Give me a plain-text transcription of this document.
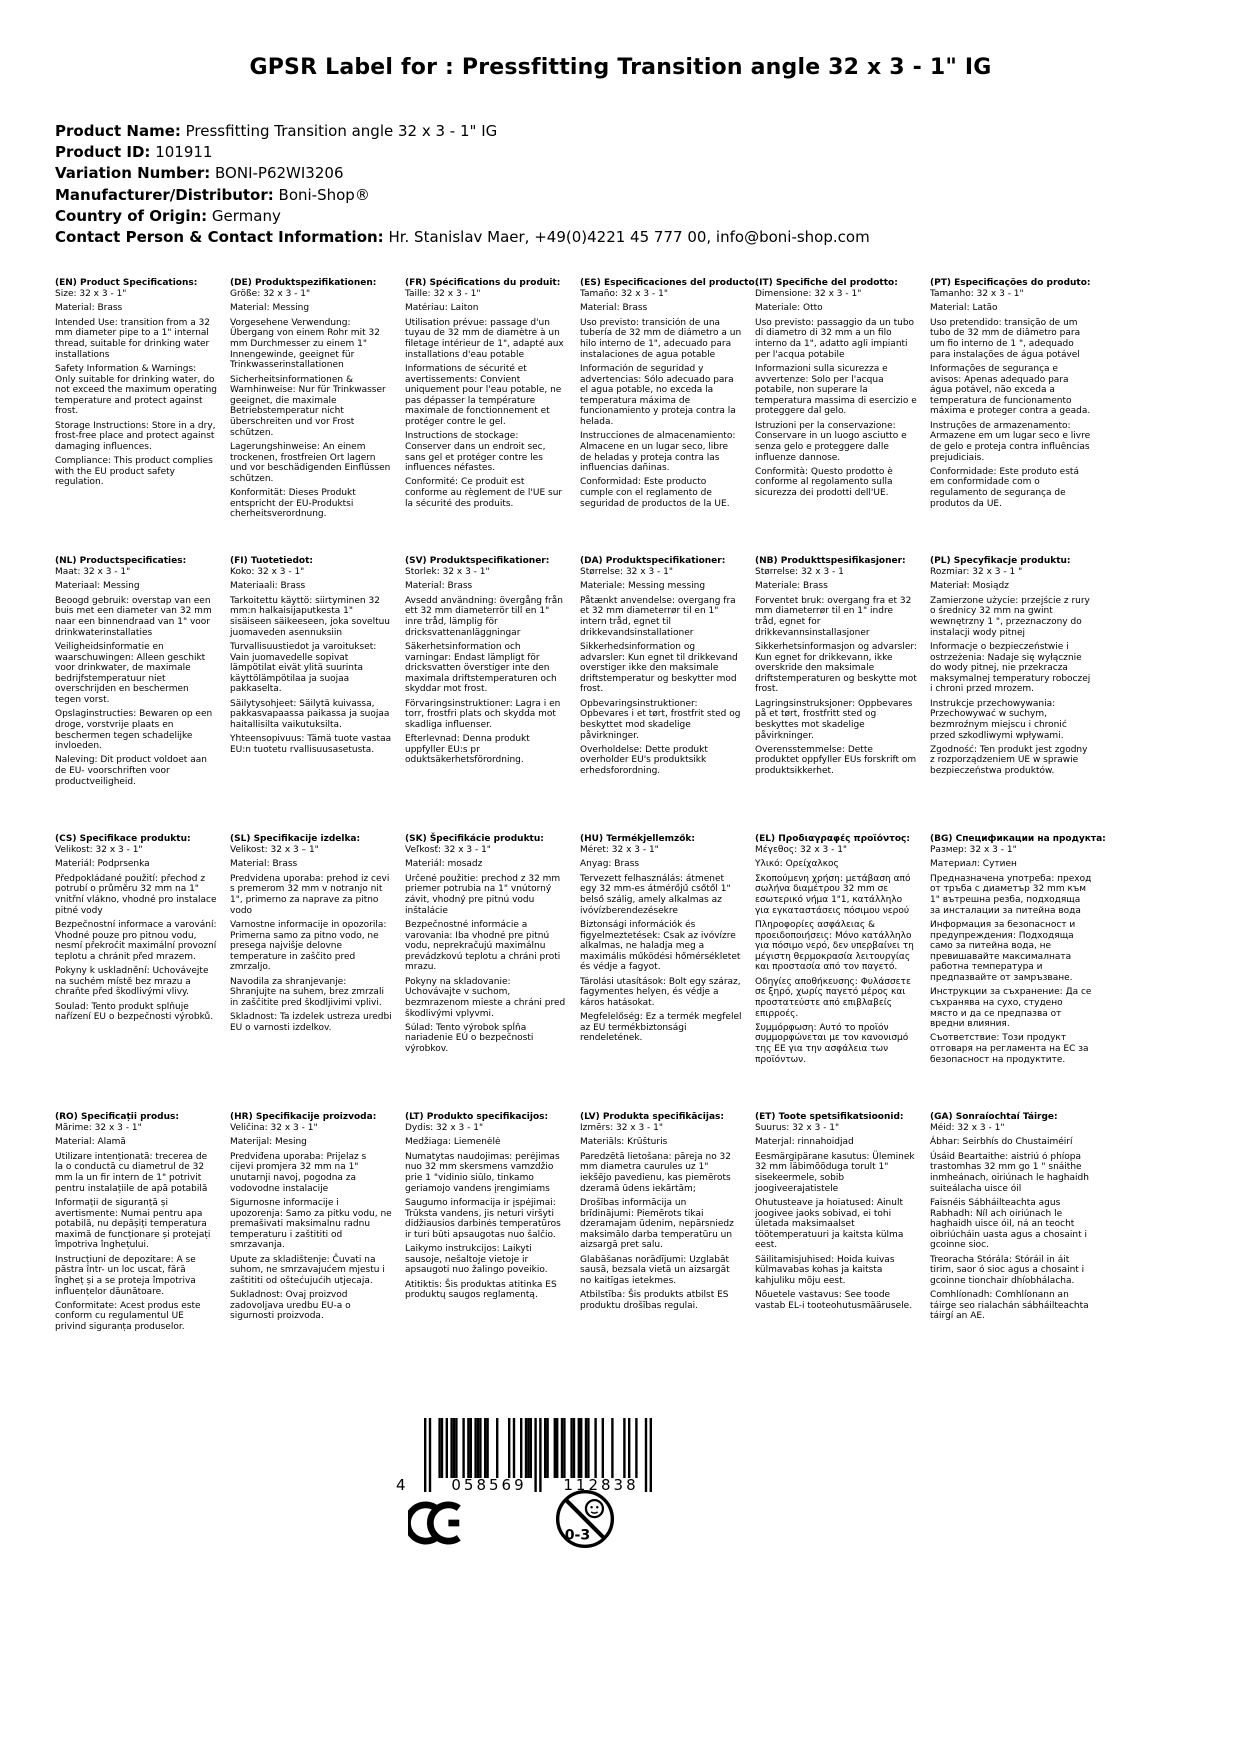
GPSR Label for : Pressfitting Transition angle 32 x 3 - 1" IG
Product Name: Pressfitting Transition angle 32 x 3 - 1" IG
Product ID: 101911
Variation Number: BONI-P62WI3206
Manufacturer/Distributor: Boni-Shop®
Country of Origin: Germany
Contact Person & Contact Information: Hr. Stanislav Maer, +49(0)4221 45 777 00, info@boni-shop.com
(EN) Product Specifications:

Size: 32 x 3 - 1"

Material: Brass

Intended Use: transition from a 32 mm diameter pipe to a 1" internal thread, suitable for drinking water installations

Safety Information & Warnings: Only suitable for drinking water, do not exceed the maximum operating temperature and protect against frost.

Storage Instructions: Store in a dry, frost-free place and protect against damaging influences.

Compliance: This product complies with the EU product safety regulation.

(DE) Produktspezifikationen:

Größe: 32 x 3 - 1"

Material: Messing

Vorgesehene Verwendung: Übergang von einem Rohr mit 32 mm Durchmesser zu einem 1" Innengewinde, geeignet für Trinkwasserinstallationen

Sicherheitsinformationen & Warnhinweise: Nur für Trinkwasser geeignet, die maximale Betriebstemperatur nicht überschreiten und vor Frost schützen.

Lagerungshinweise: An einem trockenen, frostfreien Ort lagern und vor beschädigenden Einflüssen schützen.

Konformität: Dieses Produkt entspricht der EU-Produktsi cherheitsverordnung.

(FR) Spécifications du produit:

Taille: 32 x 3 - 1"

Matériau: Laiton

Utilisation prévue: passage d'un tuyau de 32 mm de diamètre à un filetage intérieur de 1", adapté aux installations d'eau potable

Informations de sécurité et avertissements: Convient uniquement pour l'eau potable, ne pas dépasser la température maximale de fonctionnement et protéger contre le gel.

Instructions de stockage: Conserver dans un endroit sec, sans gel et protéger contre les influences néfastes.

Conformité: Ce produit est conforme au règlement de l'UE sur la sécurité des produits.

(ES) Especificaciones del producto:

Tamaño: 32 x 3 - 1"

Material: Brass

Uso previsto: transición de una tubería de 32 mm de diámetro a un hilo interno de 1", adecuado para instalaciones de agua potable

Información de seguridad y advertencias: Sólo adecuado para el agua potable, no exceda la temperatura máxima de funcionamiento y proteja contra la helada.

Instrucciones de almacenamiento: Almacene en un lugar seco, libre de heladas y proteja contra las influencias dañinas.

Conformidad: Este producto cumple con el reglamento de seguridad de productos de la UE.

(IT) Specifiche del prodotto:

Dimensione: 32 x 3 - 1"

Materiale: Otto

Uso previsto: passaggio da un tubo di diametro di 32 mm a un filo interno da 1", adatto agli impianti per l'acqua potabile

Informazioni sulla sicurezza e avvertenze: Solo per l'acqua potabile, non superare la temperatura massima di esercizio e proteggere dal gelo.

Istruzioni per la conservazione: Conservare in un luogo asciutto e senza gelo e proteggere dalle influenze dannose.

Conformità: Questo prodotto è conforme al regolamento sulla sicurezza dei prodotti dell'UE.

(PT) Especificações do produto:

Tamanho: 32 x 3 - 1"

Material: Latão

Uso pretendido: transição de um tubo de 32 mm de diâmetro para um fio interno de 1 ", adequado para instalações de água potável

Informações de segurança e avisos: Apenas adequado para água potável, não exceda a temperatura de funcionamento máxima e proteger contra a geada.

Instruções de armazenamento: Armazene em um lugar seco e livre de gelo e proteja contra influências prejudiciais.

Conformidade: Este produto está em conformidade com o regulamento de segurança de produtos da UE.

(NL) Productspecificaties:

Maat: 32 x 3 - 1"

Materiaal: Messing

Beoogd gebruik: overstap van een buis met een diameter van 32 mm naar een binnendraad van 1" voor drinkwaterinstallaties

Veiligheidsinformatie en waarschuwingen: Alleen geschikt voor drinkwater, de maximale bedrijfstemperatuur niet overschrijden en beschermen tegen vorst.

Opslaginstructies: Bewaren op een droge, vorstvrije plaats en beschermen tegen schadelijke invloeden.

Naleving: Dit product voldoet aan de EU- voorschriften voor productveiligheid.

(FI) Tuotetiedot:

Koko: 32 x 3 - 1"

Materiaali: Brass

Tarkoitettu käyttö: siirtyminen 32 mm:n halkaisijaputkesta 1" sisäiseen säikeeseen, joka soveltuu juomaveden asennuksiin

Turvallisuustiedot ja varoitukset: Vain juomavedelle sopivat lämpötilat eivät ylitä suurinta käyttölämpötilaa ja suojaa pakkaselta.

Säilytysohjeet: Säilytä kuivassa, pakkasvapaassa paikassa ja suojaa haitallisilta vaikutuksilta.

Yhteensopivuus: Tämä tuote vastaa EU:n tuotetu rvallisuusasetusta.

(SV) Produktspecifikationer:

Storlek: 32 x 3 - 1"

Material: Brass

Avsedd användning: övergång från ett 32 mm diameterrör till en 1" inre tråd, lämplig för dricksvattenanläggningar

Säkerhetsinformation och varningar: Endast lämpligt för dricksvatten överstiger inte den maximala driftstemperaturen och skyddar mot frost.

Förvaringsinstruktioner: Lagra i en torr, frostfri plats och skydda mot skadliga influenser.

Efterlevnad: Denna produkt uppfyller EU:s pr oduktsäkerhetsförordning.

(DA) Produktspecifikationer:

Størrelse: 32 x 3 - 1"

Materiale: Messing messing

Påtænkt anvendelse: overgang fra et 32 mm diameterrør til en 1" intern tråd, egnet til drikkevandsinstallationer

Sikkerhedsinformation og advarsler: Kun egnet til drikkevand overstiger ikke den maksimale driftstemperatur og beskytter mod frost.

Opbevaringsinstruktioner: Opbevares i et tørt, frostfrit sted og beskyttet mod skadelige påvirkninger.

Overholdelse: Dette produkt overholder EU's produktsikk erhedsforordning.

(NB) Produkttspesifikasjoner:

Størrelse: 32 x 3 - 1

Materiale: Brass

Forventet bruk: overgang fra et 32 mm diameterrør til en 1" indre tråd, egnet for drikkevannsinstallasjoner

Sikkerhetsinformasjon og advarsler: Kun egnet for drikkevann, ikke overskride den maksimale driftstemperaturen og beskytte mot frost.

Lagringsinstruksjoner: Oppbevares på et tørt, frostfritt sted og beskyttes mot skadelige påvirkninger.

Overensstemmelse: Dette produktet oppfyller EUs forskrift om produktsikkerhet.

(PL) Specyfikacje produktu:

Rozmiar: 32 x 3 - 1 "

Materiał: Mosiądz

Zamierzone użycie: przejście z rury o średnicy 32 mm na gwint wewnętrzny 1 ", przeznaczony do instalacji wody pitnej

Informacje o bezpieczeństwie i ostrzeżenia: Nadaje się wyłącznie do wody pitnej, nie przekracza maksymalnej temperatury roboczej i chroni przed mrozem.

Instrukcje przechowywania: Przechowywać w suchym, bezmroźnym miejscu i chronić przed szkodliwymi wpływami.

Zgodność: Ten produkt jest zgodny z rozporządzeniem UE w sprawie bezpieczeństwa produktów.

(CS) Specifikace produktu:

Velikost: 32 x 3 - 1"

Materiál: Podprsenka

Předpokládané použití: přechod z potrubí o průměru 32 mm na 1" vnitřní vlákno, vhodné pro instalace pitné vody

Bezpečnostní informace a varování: Vhodné pouze pro pitnou vodu, nesmí překročit maximální provozní teplotu a chránit před mrazem.

Pokyny k uskladnění: Uchovávejte na suchém místě bez mrazu a chraňte před škodlivými vlivy.

Soulad: Tento produkt splňuje nařízení EU o bezpečnosti výrobků.

(SL) Specifikacije izdelka:

Velikost: 32 x 3 – 1"

Material: Brass

Predvidena uporaba: prehod iz cevi s premerom 32 mm v notranjo nit 1", primerno za naprave za pitno vodo

Varnostne informacije in opozorila: Primerna samo za pitno vodo, ne presega najvišje delovne temperature in zaščito pred zmrzaljo.

Navodila za shranjevanje: Shranjujte na suhem, brez zmrzali in zaščitite pred škodljivimi vplivi.

Skladnost: Ta izdelek ustreza uredbi EU o varnosti izdelkov.

(SK) Špecifikácie produktu:

Veľkosť: 32 x 3 - 1"

Materiál: mosadz

Určené použitie: prechod z 32 mm priemer potrubia na 1" vnútorný závit, vhodný pre pitnú vodu inštalácie

Bezpečnostné informácie a varovania: Iba vhodné pre pitnú vodu, neprekračujú maximálnu prevádzkovú teplotu a chráni proti mrazu.

Pokyny na skladovanie: Uchovávajte v suchom, bezmrazenom mieste a chráni pred škodlivými vplyvmi.

Súlad: Tento výrobok spĺňa nariadenie EÚ o bezpečnosti výrobkov.

(HU) Termékjellemzők:

Méret: 32 x 3 - 1"

Anyag: Brass

Tervezett felhasználás: átmenet egy 32 mm-es átmérőjű csőtől 1" belső szálig, amely alkalmas az ivóvízberendezésekre

Biztonsági információk és figyelmeztetések: Csak az ivóvízre alkalmas, ne haladja meg a maximális működési hőmérsékletet és védje a fagyot.

Tárolási utasítások: Bolt egy száraz, fagymentes helyen, és védje a káros hatásokat.

Megfelelőség: Ez a termék megfelel az EU termékbiztonsági rendeletének.

(EL) Προδιαγραφές προϊόντος:

Μέγεθος: 32 x 3 - 1"

Υλικό: Ορείχαλκος

Σκοπούμενη χρήση: μετάβαση από σωλήνα διαμέτρου 32 mm σε εσωτερικό νήμα 1"1, κατάλληλο για εγκαταστάσεις πόσιμου νερού

Πληροφορίες ασφάλειας & προειδοποιήσεις: Μόνο κατάλληλο για πόσιμο νερό, δεν υπερβαίνει τη μέγιστη θερμοκρασία λειτουργίας και προστασία από τον παγετό.

Οδηγίες αποθήκευσης: Φυλάσσετε σε ξηρό, χωρίς παγετό μέρος και προστατεύστε από επιβλαβείς επιρροές.

Συμμόρφωση: Αυτό το προϊόν συμμορφώνεται με τον κανονισμό της ΕΕ για την ασφάλεια των προϊόντων.

(BG) Спецификации на продукта:

Размер: 32 x 3 - 1"

Материал: Сутиен

Предназначена употреба: преход от тръба с диаметър 32 mm към 1" вътрешна резба, подходяща за инсталации за питейна вода

Информация за безопасност и предупреждения: Подходяща само за питейна вода, не превишавайте максималната работна температура и предпазвайте от замръзване.

Инструкции за съхранение: Да се съхранява на сухо, студено място и да се предпазва от вредни влияния.

Съответствие: Този продукт отговаря на регламента на ЕС за безопасност на продуктите.

(RO) Specificații produs:

Mărime: 32 x 3 - 1"

Material: Alamă

Utilizare intenționată: trecerea de la o conductă cu diametrul de 32 mm la un fir intern de 1" potrivit pentru instalațiile de apă potabilă

Informații de siguranță și avertismente: Numai pentru apa potabilă, nu depășiți temperatura maximă de funcționare și protejați împotriva înghețului.

Instrucțiuni de depozitare: A se păstra într- un loc uscat, fără îngheț și a se proteja împotriva influențelor dăunătoare.

Conformitate: Acest produs este conform cu regulamentul UE privind siguranța produselor.

(HR) Specifikacije proizvoda:

Veličina: 32 x 3 - 1"

Materijal: Mesing

Predviđena uporaba: Prijelaz s cijevi promjera 32 mm na 1" unutarnji navoj, pogodna za vodovodne instalacije

Sigurnosne informacije i upozorenja: Samo za pitku vodu, ne premašivati maksimalnu radnu temperaturu i zaštititi od smrzavanja.

Upute za skladištenje: Čuvati na suhom, ne smrzavajućem mjestu i zaštititi od oštećujućih utjecaja.

Sukladnost: Ovaj proizvod zadovoljava uredbu EU-a o sigurnosti proizvoda.

(LT) Produkto specifikacijos:

Dydis: 32 x 3 - 1"

Medžiaga: Liemenėlė

Numatytas naudojimas: perėjimas nuo 32 mm skersmens vamzdžio prie 1 "vidinio siūlo, tinkamo geriamojo vandens įrengimiams

Saugumo informacija ir įspėjimai: Trūksta vandens, jis neturi viršyti didžiausios darbinės temperatūros ir turi būti apsaugotas nuo šalčio.

Laikymo instrukcijos: Laikyti sausoje, nešaltoje vietoje ir apsaugoti nuo žalingo poveikio.

Atitiktis: Šis produktas atitinka ES produktų saugos reglamentą.

(LV) Produkta specifikācijas:

Izmērs: 32 x 3 - 1"

Materiāls: Krūšturis

Paredzētā lietošana: pāreja no 32 mm diametra caurules uz 1" iekšējo pavedienu, kas piemērots dzeramā ūdens iekārtām;

Drošības informācija un brīdinājumi: Piemērots tikai dzeramajam ūdenim, nepārsniedz maksimālo darba temperatūru un aizsargā pret salu.

Glabāšanas norādījumi: Uzglabāt sausā, bezsala vietā un aizsargāt no kaitīgas ietekmes.

Atbilstība: Šis produkts atbilst ES produktu drošības regulai.

(ET) Toote spetsifikatsioonid:

Suurus: 32 x 3 - 1"

Materjal: rinnahoidjad

Eesmärgipärane kasutus: Üleminek 32 mm läbimõõduga torult 1" sisekeermele, sobib joogiveerajatistele

Ohutusteave ja hoiatused: Ainult joogivee jaoks sobivad, ei tohi ületada maksimaalset töötemperatuuri ja kaitsta külma eest.

Säilitamisjuhised: Hoida kuivas külmavabas kohas ja kaitsta kahjuliku mõju eest.

Nõuetele vastavus: See toode vastab EL-i tooteohutusmäärusele.

(GA) Sonraíochtaí Táirge:

Méid: 32 x 3 - 1"

Ábhar: Seirbhís do Chustaiméirí

Úsáid Beartaithe: aistriú ó phíopa trastomhas 32 mm go 1 " snáithe inmheánach, oiriúnach le haghaidh suiteálacha uisce óil

Faisnéis Sábháilteachta agus Rabhadh: Níl ach oiriúnach le haghaidh uisce óil, ná an teocht oibriúcháin uasta agus a chosaint i gcoinne sioc.

Treoracha Stórála: Stóráil in áit tirim, saor ó sioc agus a chosaint i gcoinne tionchair dhíobhálacha.

Comhlíonadh: Comhlíonann an táirge seo rialachán sábháilteachta táirgí an AE.

4	058569	112838
0-3
